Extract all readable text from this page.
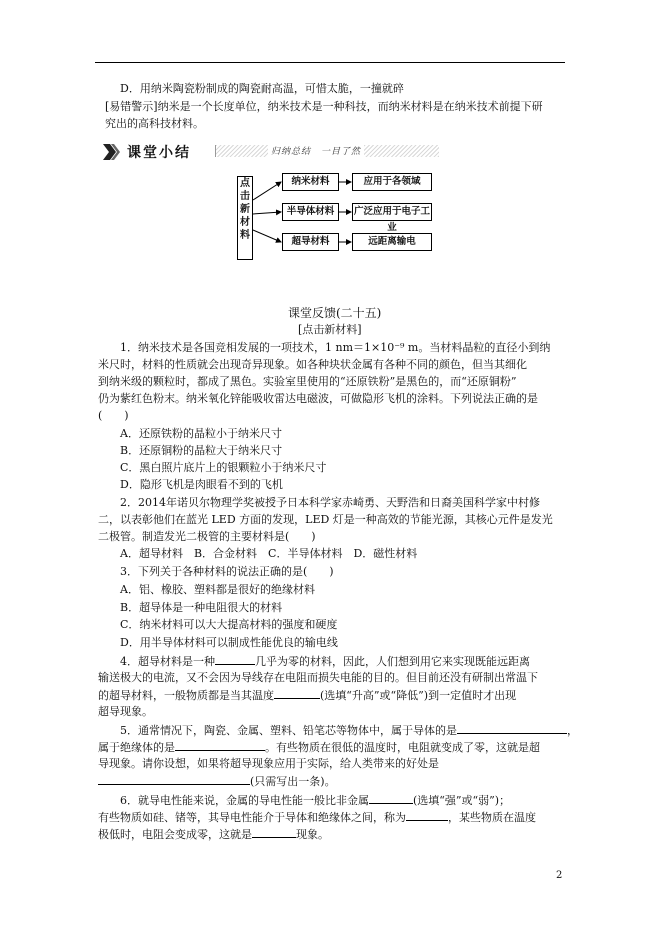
D．用纳米陶瓷粉制成的陶瓷耐高温，可惜太脆，一撞就碎
[易错警示]纳米是一个长度单位，纳米技术是一种科技，而纳米材料是在纳米技术前提下研
究出的高科技材料。
课堂小结	归纳总结　一目了然
点击新材料
纳米材料	应用于各领域
半导体材料	广泛应用于电子工业
超导材料	远距离输电
课堂反馈(二十五)
[点击新材料]
1．纳米技术是各国竞相发展的一项技术，1 nm＝1×10⁻⁹ m。当材料晶粒的直径小到纳
米尺时，材料的性质就会出现奇异现象。如各种块状金属有各种不同的颜色，但当其细化
到纳米级的颗粒时，都成了黑色。实验室里使用的“还原铁粉”是黑色的，而“还原铜粉”
仍为紫红色粉末。纳米氧化锌能吸收雷达电磁波，可做隐形飞机的涂料。下列说法正确的是
(　　)
A．还原铁粉的晶粒小于纳米尺寸
B．还原铜粉的晶粒大于纳米尺寸
C．黑白照片底片上的银颗粒小于纳米尺寸
D．隐形飞机是肉眼看不到的飞机
2．2014年诺贝尔物理学奖被授予日本科学家赤崎勇、天野浩和日裔美国科学家中村修
二，以表彰他们在蓝光 LED 方面的发现，LED 灯是一种高效的节能光源，其核心元件是发光
二极管。制造发光二极管的主要材料是(　　)
A．超导材料　B．合金材料　C．半导体材料　D．磁性材料
3．下列关于各种材料的说法正确的是(　　)
A．铝、橡胶、塑料都是很好的绝缘材料
B．超导体是一种电阻很大的材料
C．纳米材料可以大大提高材料的强度和硬度
D．用半导体材料可以制成性能优良的输电线
4．超导材料是一种	几乎为零的材料，因此，人们想到用它来实现既能远距离
输送极大的电流，又不会因为导线存在电阻而损失电能的目的。但目前还没有研制出常温下
的超导材料，一般物质都是当其温度	(选填“升高”或“降低”)到一定值时才出现
超导现象。
5．通常情况下，陶瓷、金属、塑料、铅笔芯等物体中，属于导体的是	，
属于绝缘体的是	。有些物质在很低的温度时，电阻就变成了零，这就是超
导现象。请你设想，如果将超导现象应用于实际，给人类带来的好处是
(只需写出一条)。
6．就导电性能来说，金属的导电性能一般比非金属	(选填“强”或“弱”)；
有些物质如硅、锗等，其导电性能介于导体和绝缘体之间，称为	，某些物质在温度
极低时，电阻会变成零，这就是	现象。
2
